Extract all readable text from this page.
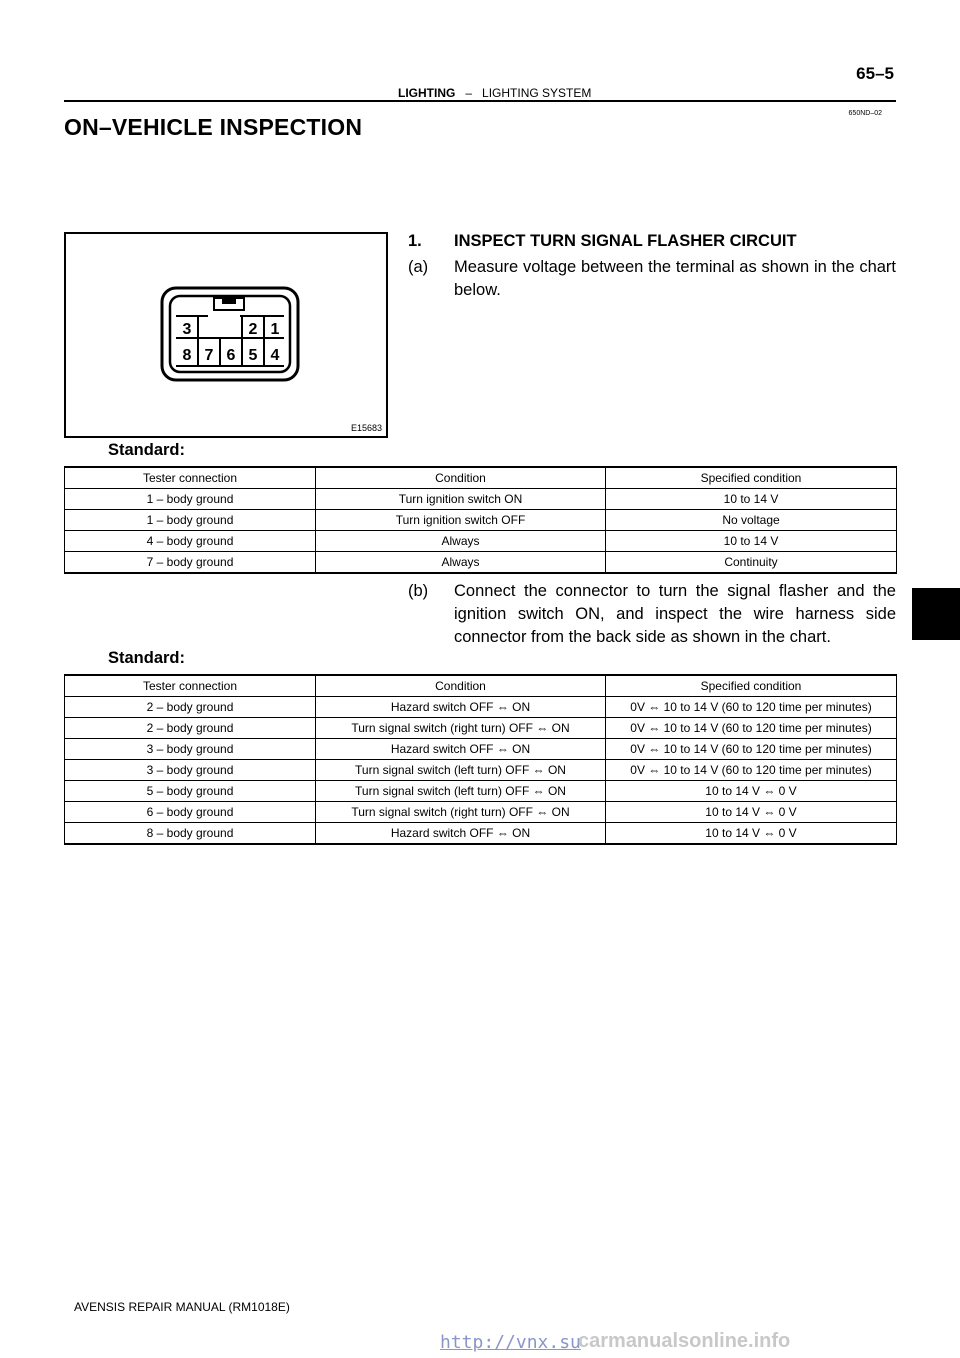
65–5
LIGHTING – LIGHTING SYSTEM
650ND–02
ON–VEHICLE INSPECTION
3	2 1
8 7 6 5 4
E15683
1. INSPECT TURN SIGNAL FLASHER CIRCUIT
(a) Measure voltage between the terminal as shown in the chart below.
Standard:
Tester connection	Condition	Specified condition
1 – body ground	Turn ignition switch ON	10 to 14 V
1 – body ground	Turn ignition switch OFF	No voltage
4 – body ground	Always	10 to 14 V
7 – body ground	Always	Continuity
(b) Connect the connector to turn the signal flasher and the ignition switch ON, and inspect the wire harness side connector from the back side as shown in the chart.
Standard:
Tester connection	Condition	Specified condition
2 – body ground	Hazard switch OFF ⇔ ON	0V ⇔ 10 to 14 V (60 to 120 time per minutes)
2 – body ground	Turn signal switch (right turn) OFF ⇔ ON	0V ⇔ 10 to 14 V (60 to 120 time per minutes)
3 – body ground	Hazard switch OFF ⇔ ON	0V ⇔ 10 to 14 V (60 to 120 time per minutes)
3 – body ground	Turn signal switch (left turn) OFF ⇔ ON	0V ⇔ 10 to 14 V (60 to 120 time per minutes)
5 – body ground	Turn signal switch (left turn) OFF ⇔ ON	10 to 14 V ⇔ 0 V
6 – body ground	Turn signal switch (right turn) OFF ⇔ ON	10 to 14 V ⇔ 0 V
8 – body ground	Hazard switch OFF ⇔ ON	10 to 14 V ⇔ 0 V
AVENSIS REPAIR MANUAL (RM1018E)
http://vnx.su
carmanualsonline.info
